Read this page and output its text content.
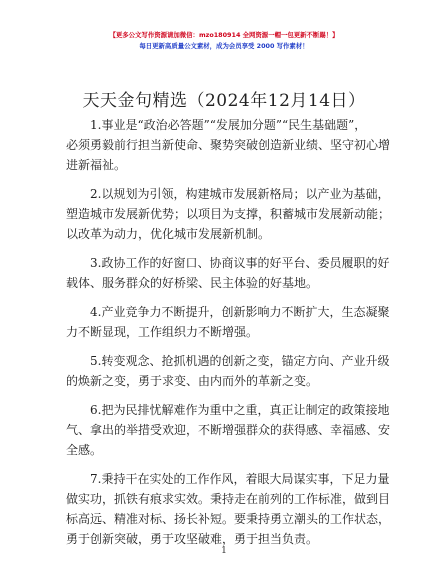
【更多公文写作资源请加微信：mzo180914 全网资源一帽一包更新不断踢！】
每日更新高质量公文素材，成为会员享受 2000 写作素材！
天天金句精选（2024年12月14日）

1.事业是“政治必答题”“发展加分题”“民生基础题”，
必须勇毅前行担当新使命、聚势突破创造新业绩、坚守初心增
进新福祉。

2.以规划为引领，构建城市发展新格局；以产业为基础，
塑造城市发展新优势；以项目为支撑，积蓄城市发展新动能；
以改革为动力，优化城市发展新机制。

3.政协工作的好窗口、协商议事的好平台、委员履职的好
载体、服务群众的好桥梁、民主体验的好基地。

4.产业竞争力不断提升，创新影响力不断扩大，生态凝聚
力不断显现，工作组织力不断增强。

5.转变观念、抢抓机遇的创新之变，锚定方向、产业升级
的焕新之变，勇于求变、由内而外的革新之变。

6.把为民排忧解难作为重中之重，真正让制定的政策接地
气、拿出的举措受欢迎，不断增强群众的获得感、幸福感、安
全感。

7.秉持干在实处的工作作风，着眼大局谋实事，下足力量
做实功，抓铁有痕求实效。秉持走在前列的工作标准，做到目
标高远、精准对标、扬长补短。要秉持勇立潮头的工作状态，
勇于创新突破，勇于攻坚破难，勇于担当负责。

1
